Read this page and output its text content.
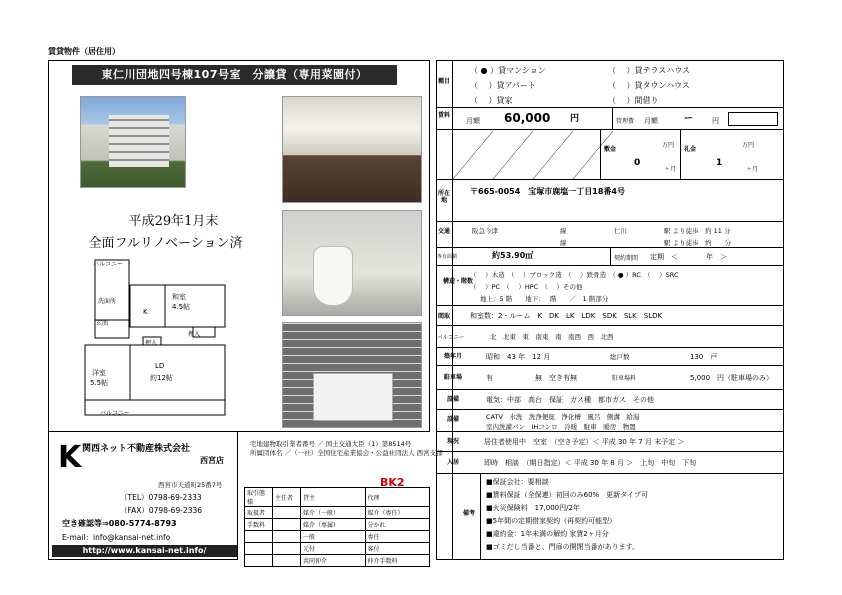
賃貸物件（居住用）
東仁川団地四号棟107号室　分譲貸（専用菜園付）
平成29年1月末
全面フルリノベーション済
バルコニー
洗面所
和室
4.5帖
玄関
K
押入
押入
洋室
5.5帖
LD
約12帖
バルコニー
K 関西ネット不動産株式会社
西宮店
西宮市天道町25番7号
（TEL）0798-69-2333
（FAX）0798-69-2336
空き確認等⇒080-5774-8793
E-mail：info@kansai-net.info
http://www.kansai-net.info/
宅地建物取引業者番号 ／ 国土交通大臣（1）第8514号
所属団体名 ／（一社）全国住宅産業協会・公益社団法人 西宮支部
BK2
取引態様	主任者	貸主	代理
取扱者		媒介（一般）	媒介（専任）
手数料		媒介（専属）	分かれ
		一般	専任
		元付	客付
		共同仲介	仲介手数料
種目
（ ● ）貸マンション
（　 ）貸アパート
（　 ）貸家
（　 ）貸テラスハウス
（　 ）貸タウンハウス
（　 ）間借り
賃料
月額 60,000 円	管理費 月額	ー	円
敷金
万円
0
ヶ月
礼金
万円
1
ヶ月
所在地
〒665-0054　宝塚市鹿塩一丁目18番4号
交通	阪急今津	線	仁川	駅 より徒歩　約 11 分
線	駅 より徒歩　約　　分
専有面積	約53.90㎡	契約期間 定期　＜　　　　年　＞
構造・階数
（　 ）木造　（　 ）ブロック造　（　 ）鉄骨造　（ ● ）RC　（　 ）SRC
（　 ）PC　（　 ）HPC　（　 ）その他
地上：5 階　　地下：　 階　　／　1 階部分
間取	和室数：2・ルーム　K　DK　LK　LDK　SDK　SLK　SLDK
バルコニー	北　北東　東　南東　南　南西　西　北西
築年月	昭和　43 年　12 月	総戸数	130　戸
駐車場	有　　　　　　無　空き有無	駐車場料	5,000　円（駐車場のみ）
設備	電気：中部　高台　保証　ガス種　都市ガス　その他
設備	CATV　水洗　洗浄便座　浄化槽　風呂　側溝　給湯
室内洗濯パン　IHコンロ　冷暖　駐車　暖房　物置
現況	居住者使用中　空室　（空き予定）＜ 平成 30 年 7 月 末予定 ＞
入居	即時　相談　（期日指定）＜ 平成 30 年 8 月 ＞　上旬　中旬　下旬
備考
■保証会社：要相談
■賃料保証（全保連）初回のみ60%　更新タイプ可
■火災保険料　17,000円/2年
■5年間の定期借家契約（再契約可能型）
■違約金：1年未満の解約 家賃2ヶ月分
■ゴミだし当番と、門扉の開閉当番があります。
